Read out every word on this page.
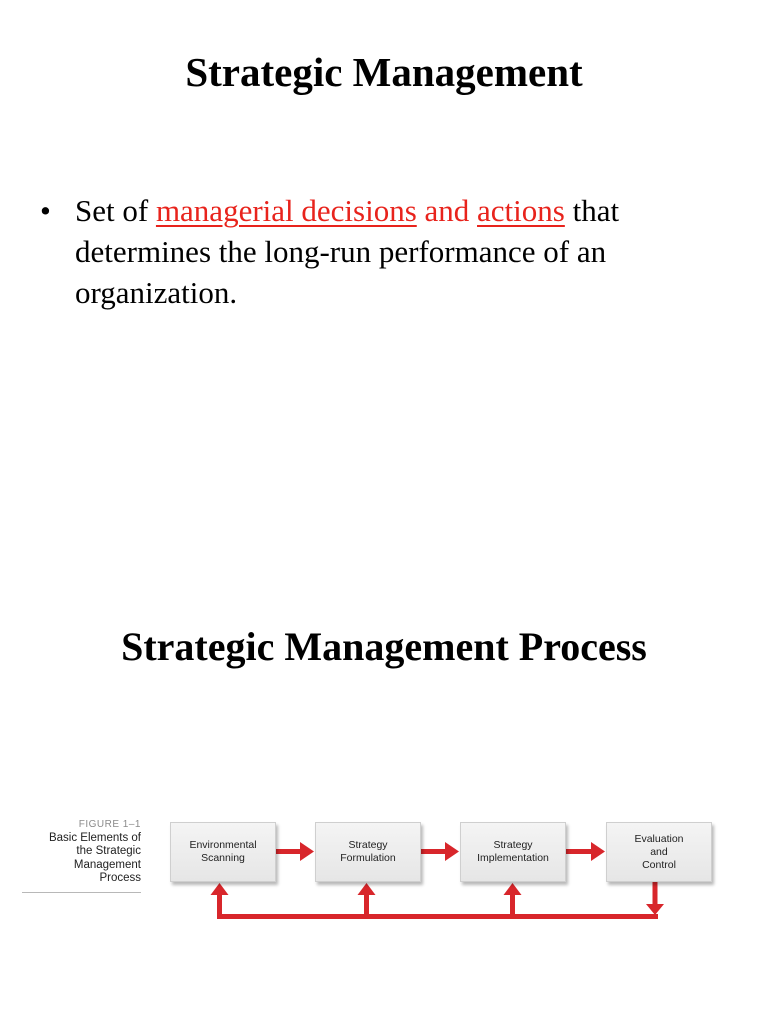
Strategic Management
• Set of managerial decisions and actions that determines the long-run performance of an organization.
Strategic Management Process
FIGURE 1–1
Basic Elements of
the Strategic
Management
Process
Environmental
Scanning
Strategy
Formulation
Strategy
Implementation
Evaluation
and
Control
